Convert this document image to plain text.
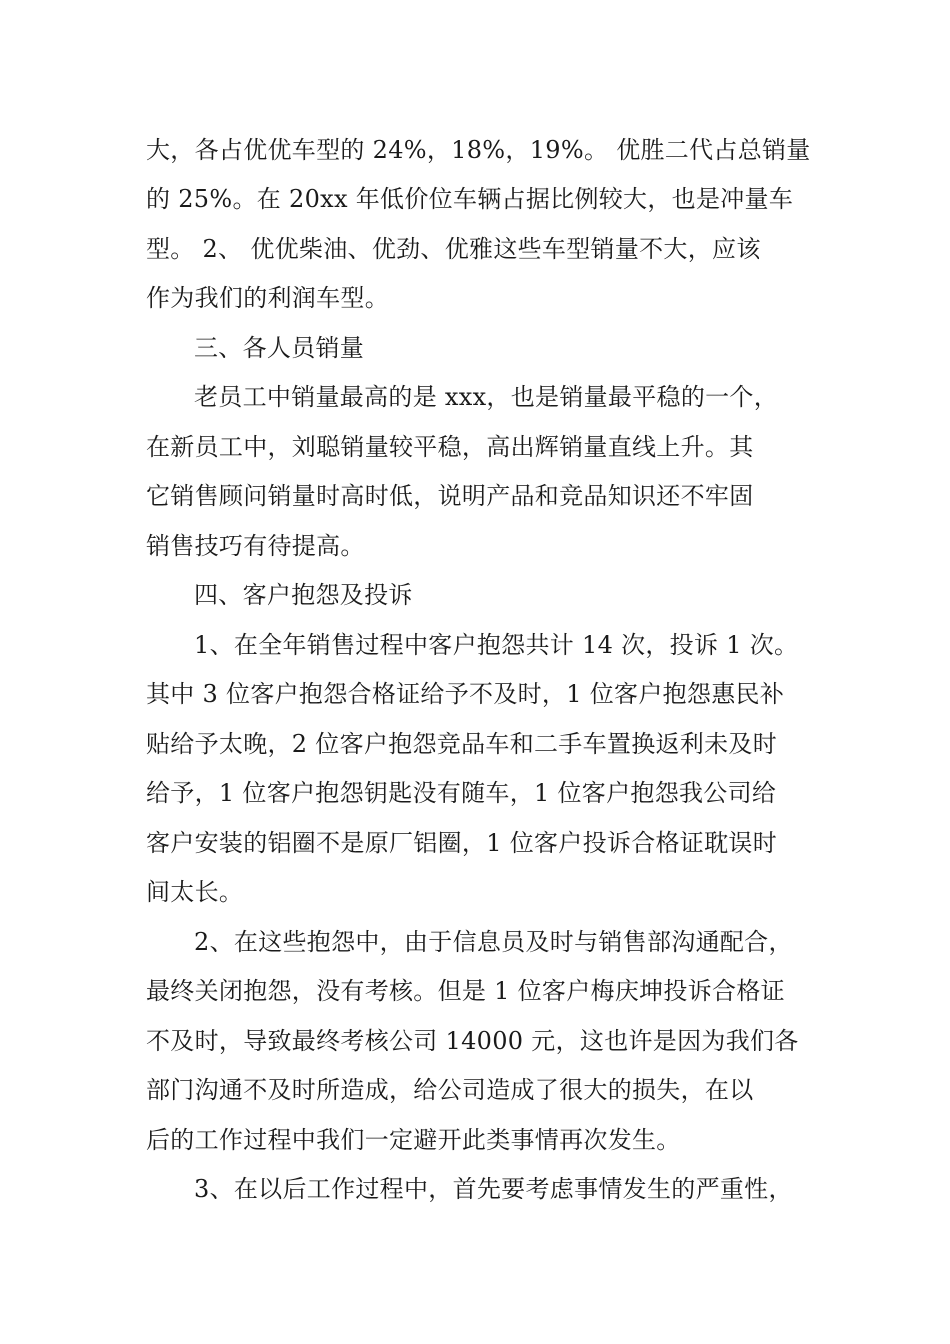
大，各占优优车型的 24%，18%，19%。 优胜二代占总销量
的 25%。在 20xx 年低价位车辆占据比例较大，也是冲量车
型。 2、 优优柴油、优劲、优雅这些车型销量不大，应该
作为我们的利润车型。
三、各人员销量
老员工中销量最高的是 xxx，也是销量最平稳的一个，
在新员工中，刘聪销量较平稳，高出辉销量直线上升。其
它销售顾问销量时高时低，说明产品和竞品知识还不牢固
销售技巧有待提高。
四、客户抱怨及投诉
1、在全年销售过程中客户抱怨共计 14 次，投诉 1 次。
其中 3 位客户抱怨合格证给予不及时，1 位客户抱怨惠民补
贴给予太晚，2 位客户抱怨竞品车和二手车置换返利未及时
给予，1 位客户抱怨钥匙没有随车，1 位客户抱怨我公司给
客户安装的铝圈不是原厂铝圈，1 位客户投诉合格证耽误时
间太长。
2、在这些抱怨中，由于信息员及时与销售部沟通配合，
最终关闭抱怨，没有考核。但是 1 位客户梅庆坤投诉合格证
不及时，导致最终考核公司 14000 元，这也许是因为我们各
部门沟通不及时所造成，给公司造成了很大的损失，在以
后的工作过程中我们一定避开此类事情再次发生。
3、在以后工作过程中，首先要考虑事情发生的严重性，
